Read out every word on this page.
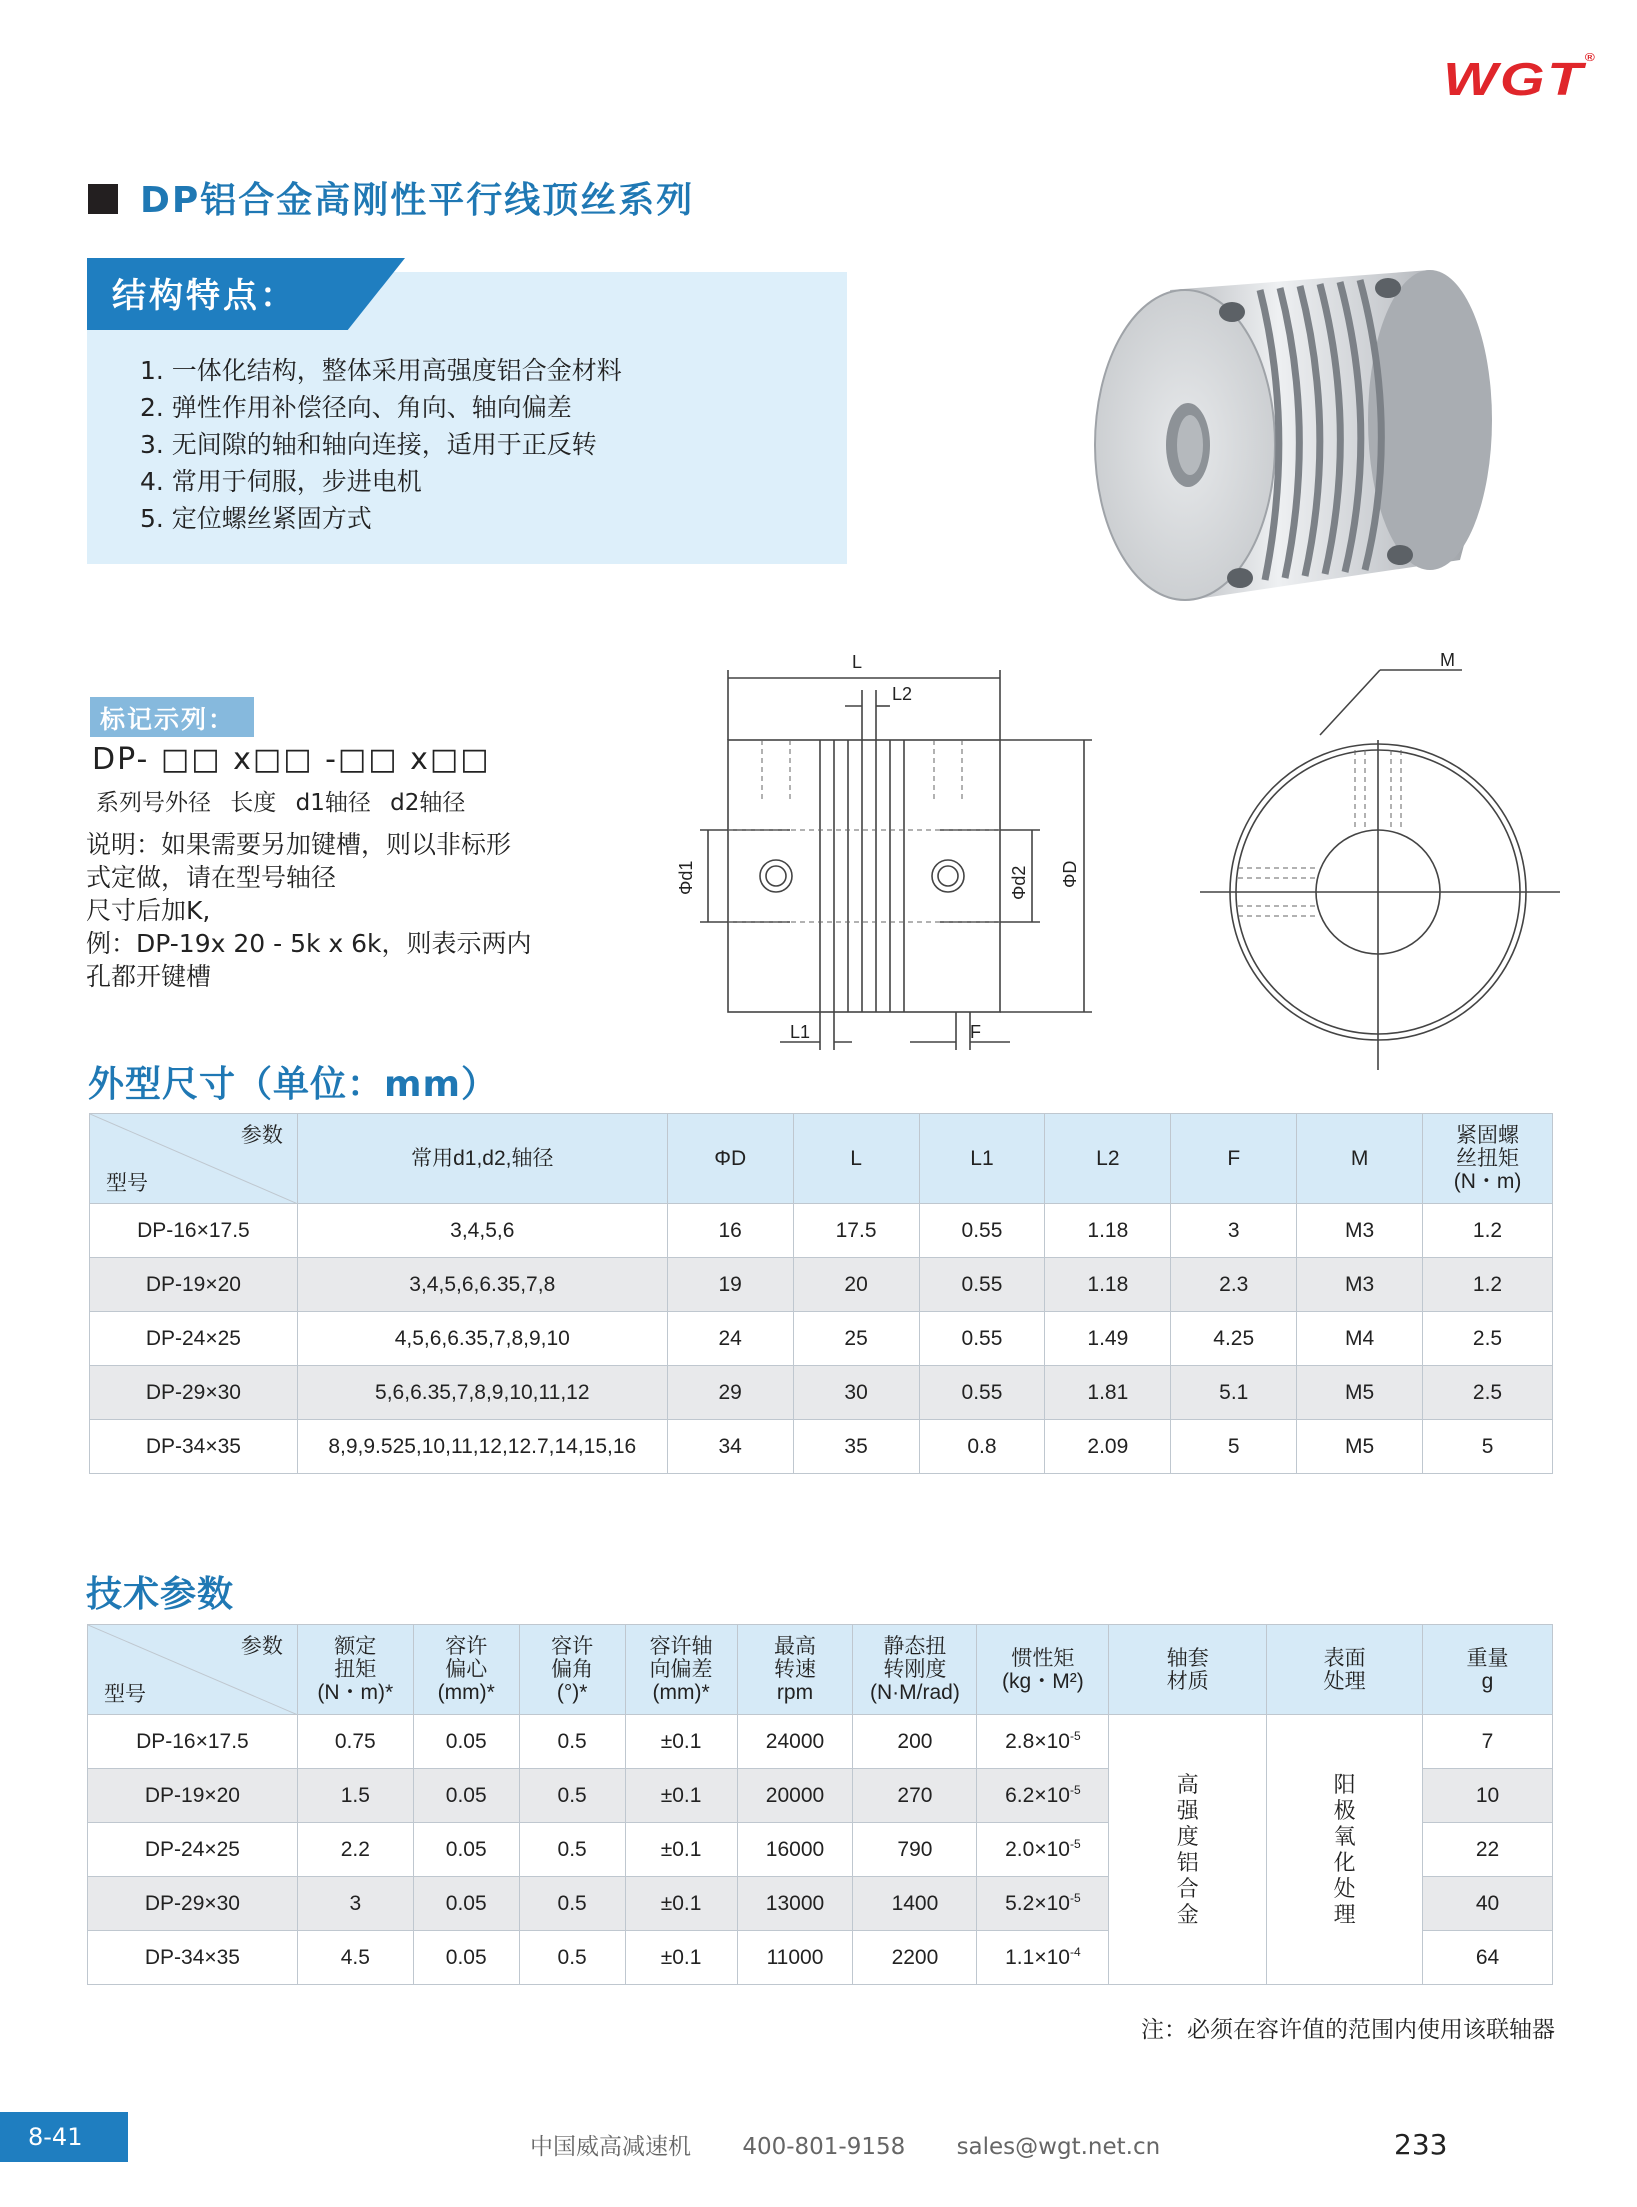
WGT®
DP铝合金高刚性平行线顶丝系列
结构特点：
1. 一体化结构，整体采用高强度铝合金材料
2. 弹性作用补偿径向、角向、轴向偏差
3. 无间隙的轴和轴向连接，适用于正反转
4. 常用于伺服，步进电机
5. 定位螺丝紧固方式
标记示列：
DP- □□ x□□ -□□ x□□
系列号外径 长度 d1轴径 d2轴径
说明：如果需要另加键槽，则以非标形
式定做，请在型号轴径
尺寸后加K,
例：DP-19x 20 - 5k x 6k，则表示两内
孔都开键槽
L
L2
L1	F
Φd1	Φd2 ΦD
M
外型尺寸（单位：mm）
参数
型号	常用d1,d2,轴径	ΦD	L	L1	L2	F	M	紧固螺
丝扭矩
(N・m)
DP-16×17.5	3,4,5,6	16	17.5	0.55	1.18	3	M3	1.2
DP-19×20	3,4,5,6,6.35,7,8	19	20	0.55	1.18	2.3	M3	1.2
DP-24×25	4,5,6,6.35,7,8,9,10	24	25	0.55	1.49	4.25	M4	2.5
DP-29×30	5,6,6.35,7,8,9,10,11,12	29	30	0.55	1.81	5.1	M5	2.5
DP-34×35	8,9,9.525,10,11,12,12.7,14,15,16	34	35	0.8	2.09	5	M5	5
技术参数
参数
型号	额定
扭矩
(N・m)*	容许
偏心
(mm)*	容许
偏角
(°)*	容许轴
向偏差
(mm)*	最高
转速
rpm	静态扭
转刚度
(N·M/rad)	惯性矩
(kg・M²)	轴套
材质	表面
处理	重量
g
DP-16×17.5	0.75	0.05	0.5	±0.1	24000	200	$2.8\times 10^{-5}$	高强度铝合金	阳极氧化处理	7
DP-19×20	1.5	0.05	0.5	±0.1	20000	270	$6.2\times 10^{-5}$			10
DP-24×25	2.2	0.05	0.5	±0.1	16000	790	$2.0\times 10^{-5}$			22
DP-29×30	3	0.05	0.5	±0.1	13000	1400	$5.2\times 10^{-5}$			40
DP-34×35	4.5	0.05	0.5	±0.1	11000	2200	$1.1\times 10^{-4}$			64
注：必须在容许值的范围内使用该联轴器
8-41	中国威高减速机 400-801-9158 sales@wgt.net.cn	233
